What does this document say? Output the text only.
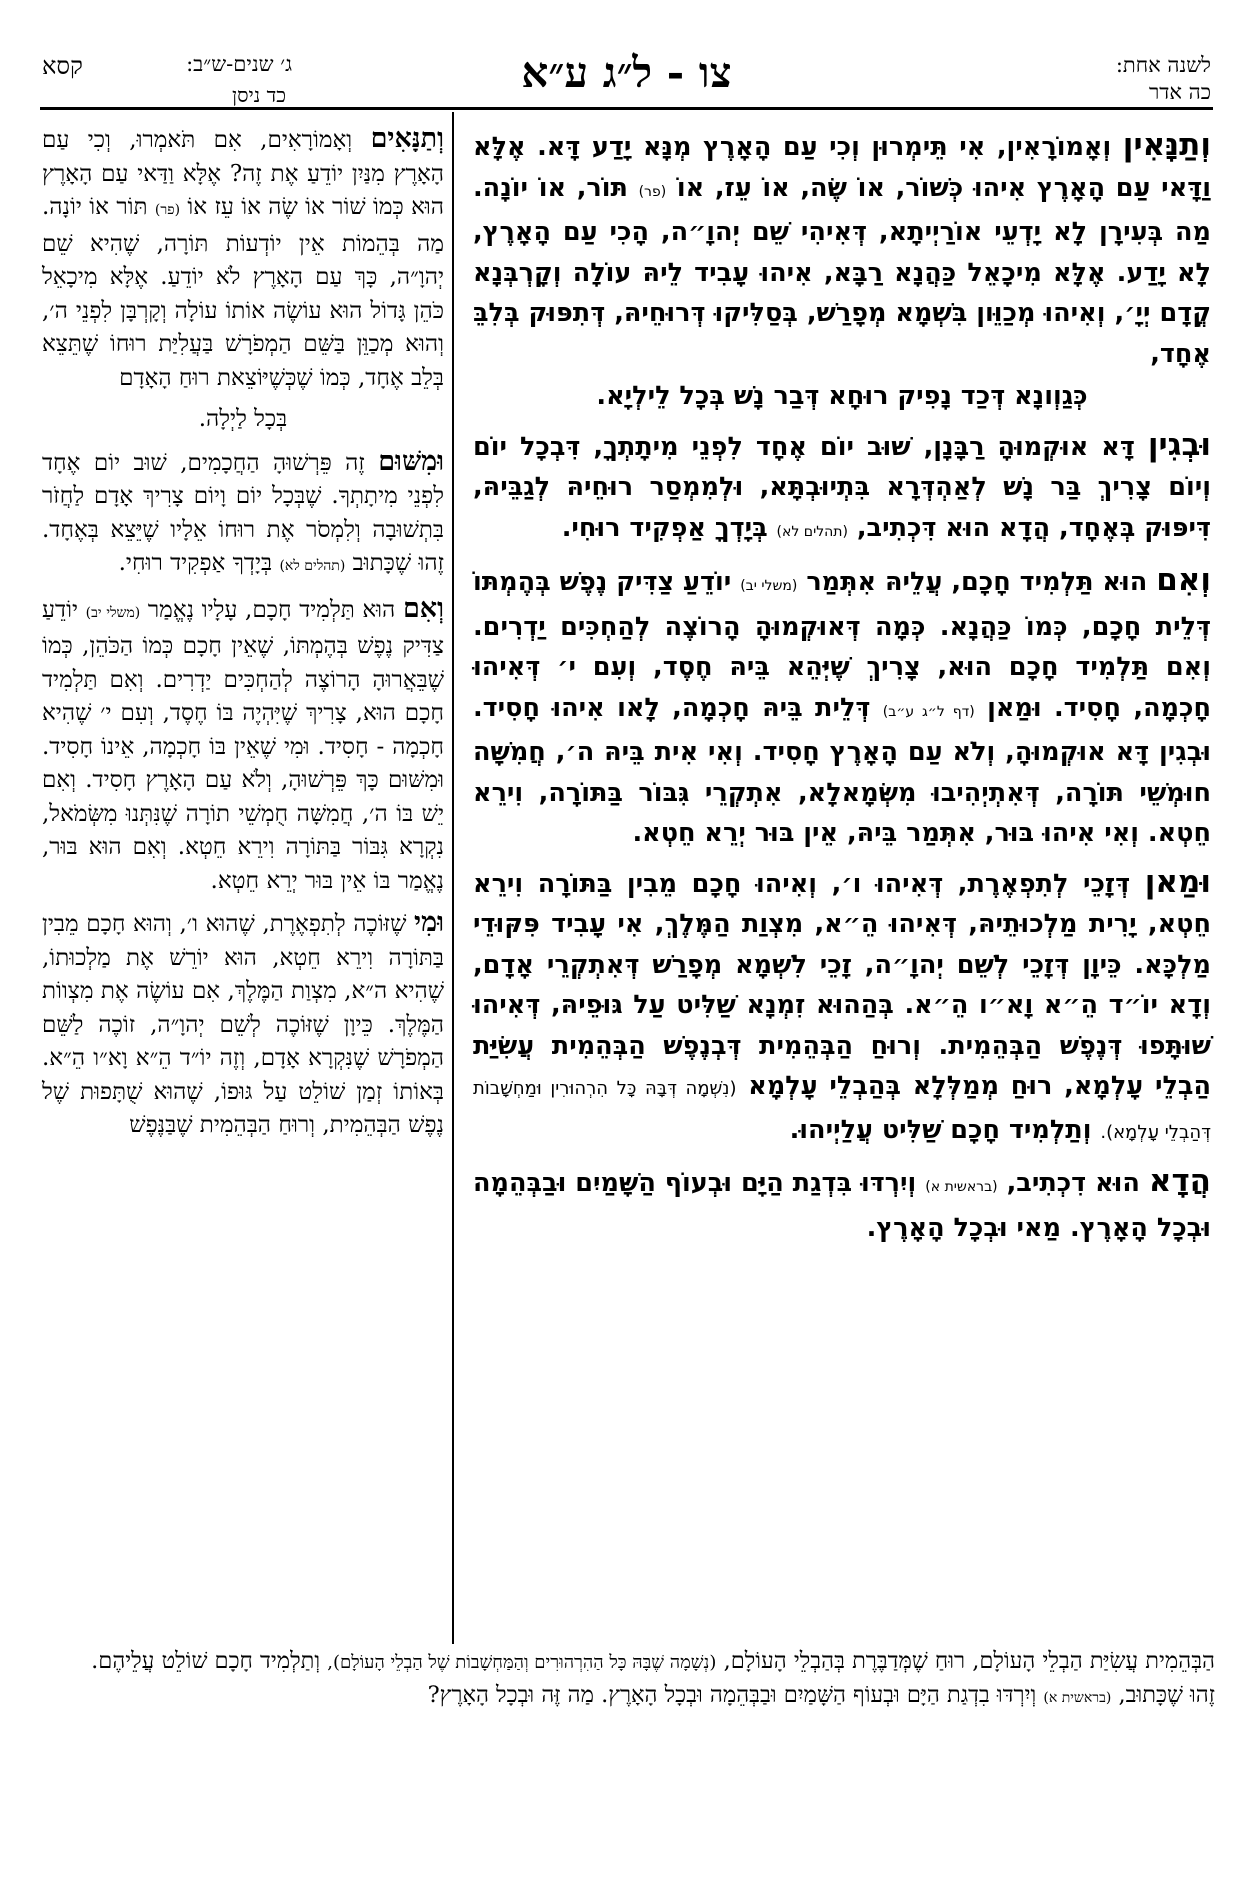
ג׳ שנים-ש״ב:
קסא
כד ניסן	צו - ל״ג ע״א	לשנה אחת:
כה אדר

וְתַנָּאִין וְאָמוֹרָאִין, אִי תֵּימְרוּן וְכִי עַם הָאָרֶץ מְנָּא יָדַע דָּא. אֶלָּא וַדָּאי עַם הָאָרֶץ אִיהוּ כְּשׁוֹר, אוֹ שֶׂה, אוֹ עֵז, אוֹ (פר) תּוֹר, אוֹ יוֹנָה. מַה בְּעִירָן לָא יָדְעֵי אוֹרַיְיתָא, דְּאִיהִי שֵׁם יְהוָ״ה, הָכִי עַם הָאָרֶץ, לָא יָדַע. אֶלָּא מִיכָאֵל כַּהֲנָא רַבָּא, אִיהוּ עָבִיד לֵיהּ עוֹלָה וְקָרְבְּנָא קֳדָם יְיָ׳, וְאִיהוּ מְכַוֵּון בִּשְׁמָא מְפָרַשׁ, בְּסַלִּיקוּ דְּרוּחֵיהּ, דְּתִפּוּק בְּלִבֵּ אֶחָד,

כְּגַוְונָא דְּכַד נָפִיק רוּחָא דְּבַר נָשׁ בְּכָל לֵילְיָא.

וּבְגִין דָּא אוּקְמוּהָ רַבָּנָן, שׁוּב יוֹם אֶחָד לִפְנֵי מִיתָתְךָ, דִּבְכָל יוֹם וְיוֹם צָרִיךְ בַּר נָשׁ לְאַהְדְּרָא בִּתְיוּבְתָּא, וּלְמִמְסַר רוּחֵיהּ לְגַבֵּיהּ, דִּיפּוּק בְּאֶחָד, הֲדָא הוּא דִּכְתִיב, (תהלים לא) בְּיָדְךָ אַפְקִיד רוּחִי.

וְאִם הוּא תַּלְמִיד חָכָם, עֲלֵיהּ אִתְּמַר (משלי יב) יוֹדֵעַ צַדִּיק נֶפֶשׁ בְּהֶמְתּוֹ דְּלֵית חָכָם, כְּמוֹ כַּהֲנָא. כְּמָה דְּאוּקְמוּהָ הָרוֹצֶה לְהַחְכִּים יַדְרִים. וְאִם תַּלְמִיד חָכָם הוּא, צָרִיךְ שֶׁיְּהֵא בֵּיהּ חֶסֶד, וְעִם י׳ דְּאִיהוּ חָכְמָה, חָסִיד. וּמַאן (דף ל״ג ע״ב) דְּלֵית בֵּיהּ חָכְמָה, לָאו אִיהוּ חָסִיד. וּבְגִין דָּא אוּקְמוּהָ, וְלֹא עַם הָאָרֶץ חָסִיד. וְאִי אִית בֵּיהּ ה׳, חֲמִשָּׁה חוּמְשֵׁי תּוֹרָה, דְּאִתְיְהִיבוּ מִשְּׂמָאלָא, אִתְקְרֵי גִּבּוֹר בַּתּוֹרָה, וִירֵא חֵטְא. וְאִי אִיהוּ בּוּר, אִתְּמַר בֵּיהּ, אֵין בּוּר יְרֵא חֵטְא.

וּמַאן דְּזָכֵי לְתִפְאֶרֶת, דְּאִיהוּ ו׳, וְאִיהוּ חָכָם מֵבִין בַּתּוֹרָה וִירֵא חֵטְא, יָרִית מַלְכוּתֵיהּ, דְּאִיהוּ הֵ״א, מִצְוַת הַמֶּלֶךְ, אִי עָבִיד פִּקּוּדֵי מַלְכָּא. כֵּיוָן דְּזָכֵי לְשֵׁם יְהוָ״ה, זָכֵי לִשְׁמָא מְפָרַשׁ דְּאִתְקְרֵי אָדָם, וְדָא יוֹ״ד הֵ״א וָא״ו הֵ״א. בְּהַהוּא זִמְנָא שַׁלִּיט עַל גּוּפֵיהּ, דְּאִיהוּ שׁוּתָּפוּ דְּנֶפֶשׁ הַבְּהֵמִית. וְרוּחַ הַבְּהֵמִית דְּבְנֶפֶשׁ הַבְּהֵמִית עֲשִׂיַּת הַבְלֵי עָלְמָא, רוּחַ מְמַלְּלָא בְּהַבְלֵי עָלְמָא (נִשְׁמָה דְּבָּהּ כָּל הִרְהוּרִין וּמַחְשָׁבוֹת דְּהַבְלֵי עָלְמָא). וְתַלְמִיד חָכָם שַׁלִּיט עֲלַיְיהוּ.

הֲדָא הוּא דִכְתִיב, (בראשית א) וְיִרְדּוּ בִּדְגַת הַיָּם וּבְעוֹף הַשָּׁמַיִם וּבַבְּהֵמָה וּבְכָל הָאָרֶץ. מַאי וּבְכָל הָאָרֶץ.

וְתַנָּאִים וְאָמוֹרָאִים, אִם תֹּאמְרוּ, וְכִי עַם הָאָרֶץ מִנַּיִן יוֹדֵעַ אֶת זֶה? אֶלָּא וַדַּאי עַם הָאָרֶץ הוּא כְּמוֹ שׁוֹר אוֹ שֶׂה אוֹ עֵז אוֹ (פר) תּוֹר אוֹ יוֹנָה. מַה בְּהֵמוֹת אֵין יוֹדְעוֹת תּוֹרָה, שֶׁהִיא שֵׁם יְהוָ״ה, כָּךְ עַם הָאָרֶץ לֹא יוֹדֵעַ. אֶלָּא מִיכָאֵל כֹּהֵן גָּדוֹל הוּא עוֹשֶׂה אוֹתוֹ עוֹלָה וְקָרְבָּן לִפְנֵי ה׳, וְהוּא מְכַוֵּן בַּשֵּׁם הַמְפֹרָשׁ בַּעֲלִיַּת רוּחוֹ שֶׁתֵּצֵא בְּלֵב אֶחָד, כְּמוֹ שֶׁכְּשֶׁיּוֹצֵאת רוּחַ הָאָדָם

בְּכָל לַיְלָה.

וּמִשּׁוּם זֶה פֵּרְשׁוּהָ הַחֲכָמִים, שׁוּב יוֹם אֶחָד לִפְנֵי מִיתָתְךָ. שֶׁבְּכָל יוֹם וָיוֹם צָרִיךְ אָדָם לַחֲזֹר בִּתְשׁוּבָה וְלִמְסֹר אֶת רוּחוֹ אֵלָיו שֶׁיֵּצֵא בְּאֶחָד. זֶהוּ שֶׁכָּתוּב (תהלים לא) בְּיָדְךָ אַפְקִיד רוּחִי.

וְאִם הוּא תַּלְמִיד חָכָם, עָלָיו נֶאֱמַר (משלי יב) יוֹדֵעַ צַדִּיק נֶפֶשׁ בְּהֶמְתּוֹ, שֶׁאֵין חָכָם כְּמוֹ הַכֹּהֵן, כְּמוֹ שֶׁבֵּאֲרוּהָ הָרוֹצֶה לְהַחְכִּים יַדְרִים. וְאִם תַּלְמִיד חָכָם הוּא, צָרִיךְ שֶׁיִּהְיֶה בּוֹ חֶסֶד, וְעִם י׳ שֶׁהִיא חָכְמָה - חָסִיד. וּמִי שֶׁאֵין בּוֹ חָכְמָה, אֵינוֹ חָסִיד. וּמִשּׁוּם כָּךְ פֵּרְשׁוּהָ, וְלֹא עַם הָאָרֶץ חָסִיד. וְאִם יֵשׁ בּוֹ ה׳, חֲמִשָּׁה חֻמְשֵׁי תוֹרָה שֶׁנִּתְּנוּ מִשְּׂמֹאל, נִקְרָא גִּבּוֹר בַּתּוֹרָה וִירֵא חֵטְא. וְאִם הוּא בּוּר, נֶאֱמַר בּוֹ אֵין בּוּר יְרֵא חֵטְא.

וּמִי שֶׁזּוֹכֶה לְתִפְאֶרֶת, שֶׁהוּא ו׳, וְהוּא חָכָם מֵבִין בַּתּוֹרָה וִירֵא חֵטְא, הוּא יוֹרֵשׁ אֶת מַלְכוּתוֹ, שֶׁהִיא ה״א, מִצְוַת הַמֶּלֶךְ, אִם עוֹשֶׂה אֶת מִצְווֹת הַמֶּלֶךְ. כֵּיוָן שֶׁזּוֹכֶה לְשֵׁם יְהוָ״ה, זוֹכֶה לַשֵּׁם הַמְפֹרָשׁ שֶׁנִּקְרָא אָדָם, וְזֶה יוֹ״ד הֵ״א וָא״ו הֵ״א. בְּאוֹתוֹ זְמַן שׁוֹלֵט עַל גּוּפוֹ, שֶׁהוּא שֻׁתָּפוּת שֶׁל נֶפֶשׁ הַבְּהֵמִית, וְרוּחַ הַבְּהֵמִית שֶׁבַּנֶּפֶשׁ

הַבְּהֵמִית עֲשִׂיַּת הַבְלֵי הָעוֹלָם, רוּחַ שֶׁמְּדַבֶּרֶת בְּהַבְלֵי הָעוֹלָם, (נְשָׁמָה שֶׁבָּהּ כָּל הַהִרְהוּרִים וְהַמַּחְשָׁבוֹת שֶׁל הַבְלֵי הָעוֹלָם), וְתַלְמִיד חָכָם שׁוֹלֵט עֲלֵיהֶם.

זֶהוּ שֶׁכָּתוּב, (בראשית א) וְיִרְדּוּ בִדְגַת הַיָּם וּבְעוֹף הַשָּׁמַיִם וּבַבְּהֵמָה וּבְכָל הָאָרֶץ. מַה זֶּה וּבְכָל הָאָרֶץ?
